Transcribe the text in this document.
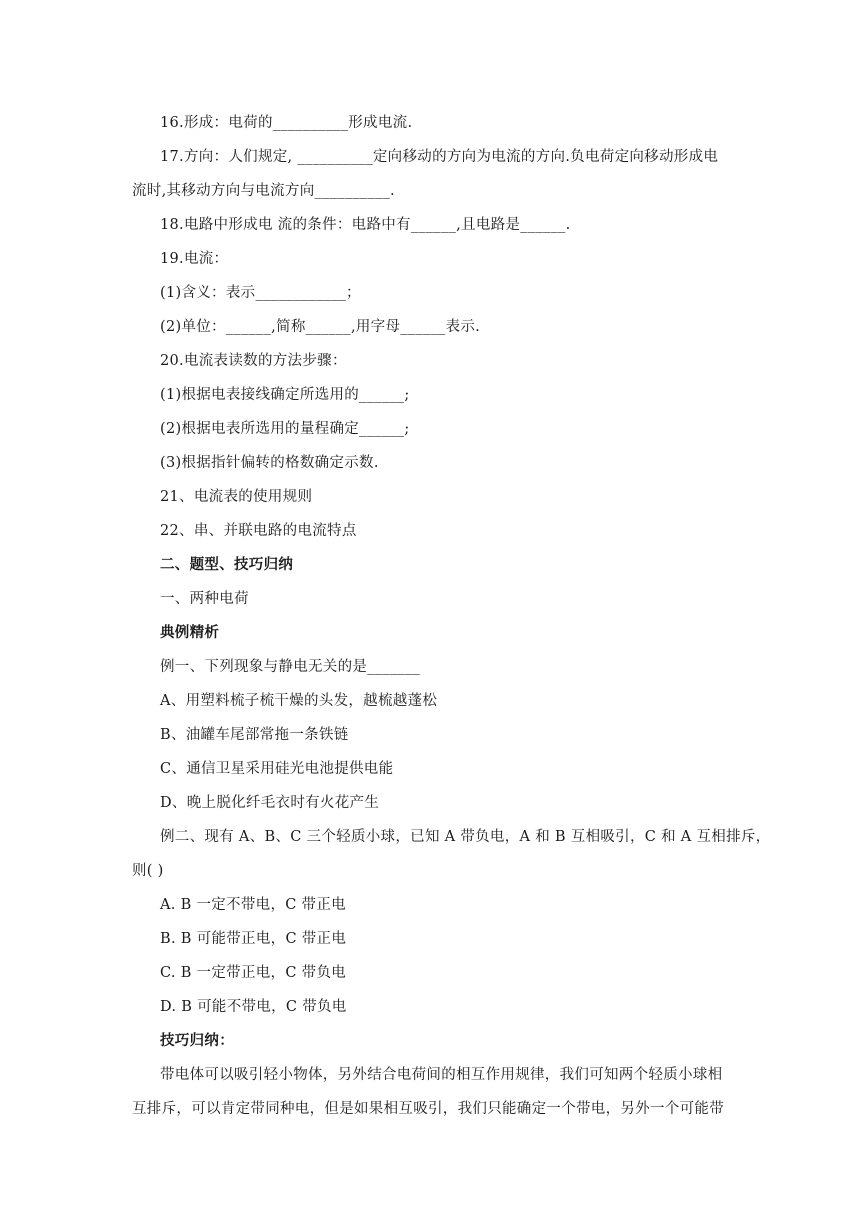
16.形成：电荷的__________形成电流.
17.方向：人们规定, __________定向移动的方向为电流的方向.负电荷定向移动形成电
流时,其移动方向与电流方向__________.
18.电路中形成电 流的条件：电路中有______,且电路是______.
19.电流：
(1)含义：表示____________；
(2)单位：______,简称______,用字母______表示.
20.电流表读数的方法步骤：
(1)根据电表接线确定所选用的______;
(2)根据电表所选用的量程确定______;
(3)根据指针偏转的格数确定示数.
21、电流表的使用规则
22、串、并联电路的电流特点
二、题型、技巧归纳
一、两种电荷
典例精析
例一、下列现象与静电无关的是_______
A、用塑料梳子梳干燥的头发，越梳越蓬松
B、油罐车尾部常拖一条铁链
C、通信卫星采用硅光电池提供电能
D、晚上脱化纤毛衣时有火花产生
例二、现有 A、B、C 三个轻质小球，已知 A 带负电，A 和 B 互相吸引，C 和 A 互相排斥，
则( )
A. B 一定不带电，C 带正电
B. B 可能带正电，C 带正电
C. B 一定带正电，C 带负电
D. B 可能不带电，C 带负电
技巧归纳：
带电体可以吸引轻小物体，另外结合电荷间的相互作用规律，我们可知两个轻质小球相
互排斥，可以肯定带同种电，但是如果相互吸引，我们只能确定一个带电，另外一个可能带
